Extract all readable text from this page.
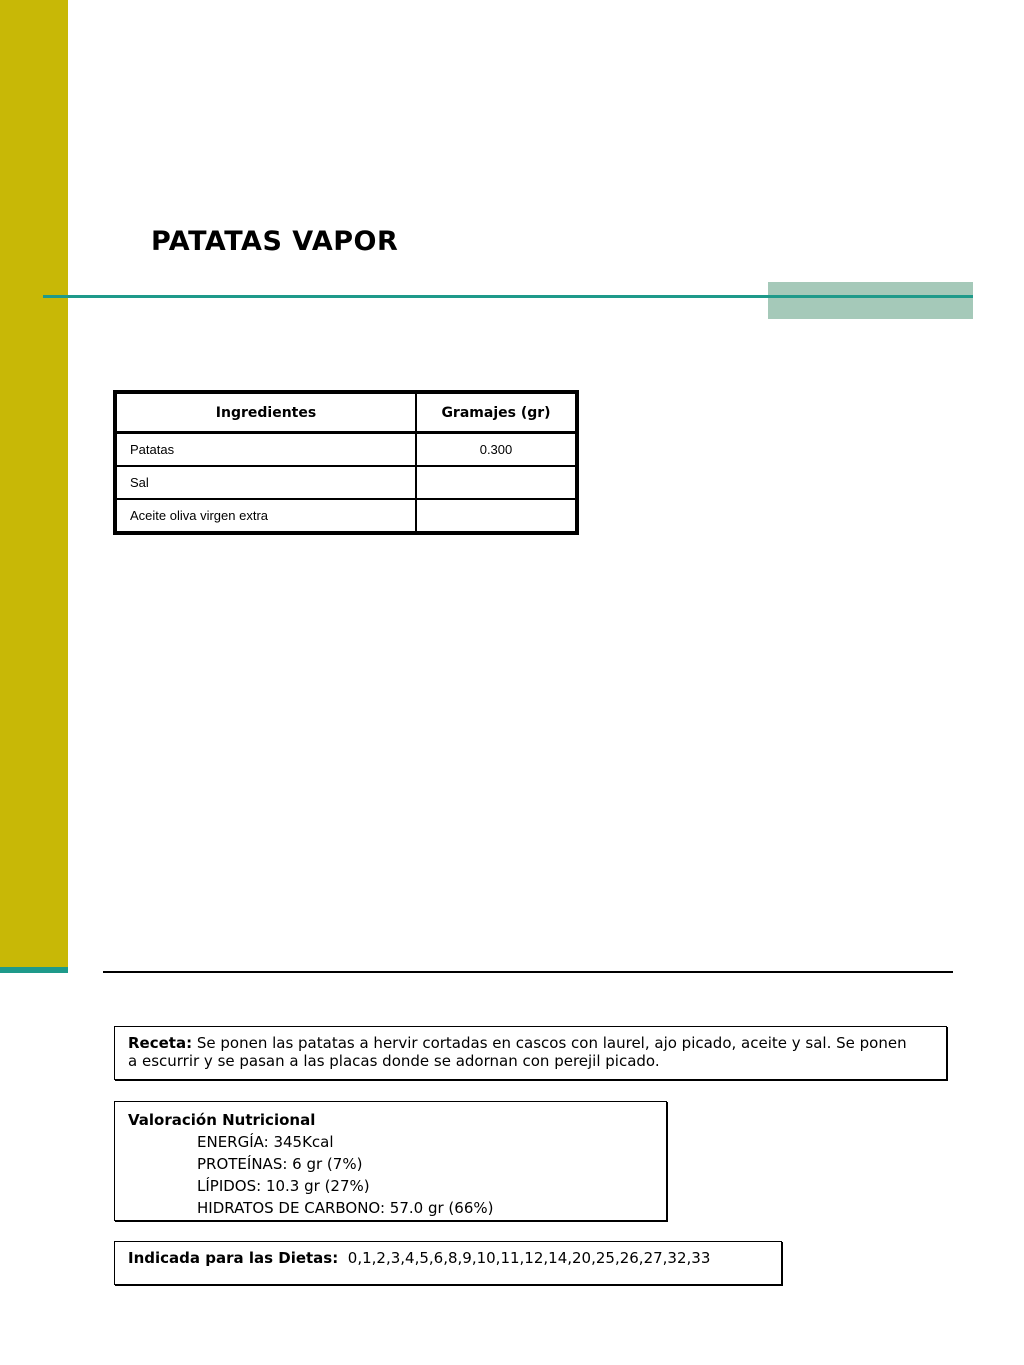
PATATAS VAPOR
Ingredientes	Gramajes (gr)
Patatas	0.300
Sal	
Aceite oliva virgen extra	
Receta: Se ponen las patatas a hervir cortadas en cascos con laurel, ajo picado, aceite y sal. Se ponen
a escurrir y se pasan a las placas donde se adornan con perejil picado.
Valoración Nutricional
ENERGÍA: 345Kcal
PROTEÍNAS: 6 gr (7%)
LÍPIDOS: 10.3 gr (27%)
HIDRATOS DE CARBONO: 57.0 gr (66%)
Indicada para las Dietas: 0,1,2,3,4,5,6,8,9,10,11,12,14,20,25,26,27,32,33
